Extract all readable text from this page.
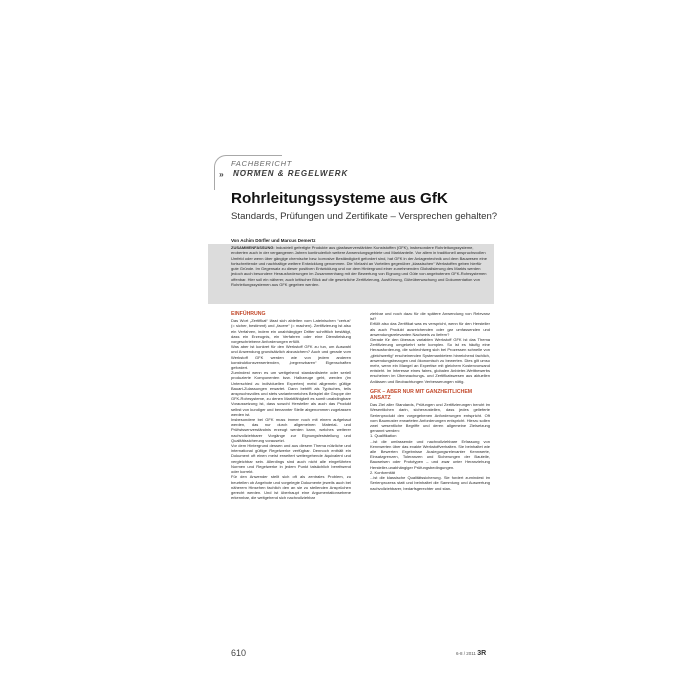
FACHBERICHT
» NORMEN & REGELWERK
Rohrleitungssysteme aus GfK
Standards, Prüfungen und Zertifikate – Versprechen gehalten?
Von Achim Dörfler und Marcus Demertz
ZUSAMMENFASSUNG: Industriell gefertigte Produkte aus glasfaserverstärkten Kunststoffen (GFK), insbesondere Rohrleitungssysteme, eroberten auch in der vergangenen Jahren kontinuierlich weitere Anwendungsgebiete und Marktanteile. Vor allem in traditionell anspruchsvollen Umfeld oder wenn über gängige chemische bzw. korrosive Beständigkeit gefordert sind, hat GFK in der Anlagentechnik und dem Bauwesen eine fortschreitende und nachhaltige weitere Entwicklung genommen. Die Vielzahl an Vorteilen gegenüber „klassischen“ Werkstoffen geben hierfür gute Gründe. Im Gegensatz zu dieser positiven Entwicklung und vor dem Hintergrund einer zunehmenden Globalisierung des Markts werden jedoch auch besondere Herausforderungen im Zusammenhang mit der Bewertung von Eignung und Güte von angebotenen GFK-Rohrsystemen offenbar. Hier soll ein näherer, auch kritischer Blick auf die gesetzliche Zertifizierung, Ausführung, Güteüberwachung und Dokumentation von Rohrleitungssystemen aus GFK gegeben werden.
EINFÜHRUNG

Das Wort „Zertifikat“ lässt sich ableiten vom Lateinischen “certus“ (= sicher, bestimmt) und „facere“ (= machen). Zertifizierung ist also ein Verfahren, indem ein unabhängiger Dritter schriftlich bestätigt, dass ein Erzeugnis, ein Verfahren oder eine Dienstleistung vorgeschriebene Anforderungen erfüllt.

Was aber ist konkret für den Werkstoff GFK zu tun, um Auswahl und Anwendung grundsätzlich abzusichern? Auch und gerade vom Werkstoff GFK werden wie von jedem anderen konstruktionsverwertenden, „begrenzbaren“ Eigenschaften gefordert.

Zumindest wenn es um weitgehend standardisierte oder seriell produzierte Komponenten bzw. Halbzeuge geht, werden (im Unterschied zu individuellen Experten) meist allgemein gültige Bauart-Zulassungen erwartet. Dann betrifft als Typisches, teils anspruchsvolles und stets variantenreiches Beispiel die Gruppe der GFK-Rohrsysteme, zu denen Marktfähigkeit es somit unabdingbare Voraussetzung ist, dass sowohl Hersteller als auch das Produkt selbst von kundiger und benannter Stelle abgenommen zugelassen werden ist.

Insbesondere bei GFK muss immer noch mit einem aufgebaut werden, das nur durch allgemeinen Material- und Prüfwissenverständnis erzeugt werden kann, welches weiterer nachvollziehbarer Vorgänge zur Eignungsfeststellung und Qualitätssicherung vorausetzt.

Vor dem Hintergrund dessen und aus diesem Thema nützliche und international gültige Regelwerke verfügbar. Dennoch enthält ein Dokument oft einen meist erweitert weitergehende äquivalent und vergleichbar sein. Allerdings sind auch nicht alle eingeführten Normen und Regelwerke in jedem Punkt tatsächlich bereitwend oder korrekt.

Für den Anwender stellt sich oft als zentrales Problem, zu beurteilen ob Angebote und vorgelegte Dokumente jeweils auch bei näherem Hinsehen fachlich den an sie zu stellenden Ansprüchen gerecht werden. Und ist überhaupt eine Argumentationsebene erkennbar, die weitgehend sich nachvollziehbar

ziehbar und noch dazu für die spätere Anwendung von Relevanz ist?

Erfüllt also das Zertifikat was es verspricht, wenn für den Hersteller als auch Produkt ausreichenden oder gar umfassenden und anwendungsrelevanten Nachweis zu liefern?

Gerade für den überaus variablen Werkstoff GFK ist das Thema Zertifizierung umgekehrt sehr komplex. So ist es häufig eine Herausforderung, die schlechtweg sich bei Prozessen schnelle von „gleichwertig“ erscheinenden Systemanbietern hinreichend fachlich, anwendungsbezogen und ökonomisch zu bewerten. Dies gilt umso mehr, wenn ein Mangel an Expertise mit gleichem Kostenvorwand entsteht. Im Interesse eines faires, globalen Anbieter-Wettbewerbs erscheinen im Überwachungs- und Zertifikatswesen aus aktuellen Anlässen und Beobachtungen Verbesserungen nötig.

GFK – ABER NUR MIT GANZHEITLICHEM ANSATZ

Das Ziel aller Standards, Prüfungen und Zertifizierungen beruht im Wesentlichen darin, sicherzustellen, dass jedes gelieferte Serienprodukt den vorgegebenen Anforderungen entspricht. Oft vom Baumuster erwarteten Anforderungen entspricht. Hierzu sollen zwei wesentliche Begriffe und deren allgemeine Zielsetzung genannt werden:

1. Qualifikation

...ist die umfassende und nachvollziehbare Erfassung von Kennwerten über das exakte Werkstoffverhalten. Sie beinhaltet wie alle Bewerten Ergebnisse Auslegungsrelevanter Kennwerte, Einsatzgrenzen, Toleranzen und Sicherungen der Bauteile, Bauweisen oder Prototypen – und zwar unter Heranziehung Hersteller-unabhängiger Prüfungsbedingungen.

2. Konformität

...ist die klassische Qualitätssicherung. Sie fordert zumindest im Serienprozess statt und beinhaltet die Sammlung und Auswertung nachvollziehbarer, bedarfsgerechter und stan-

610	6-8 / 2011 3R
